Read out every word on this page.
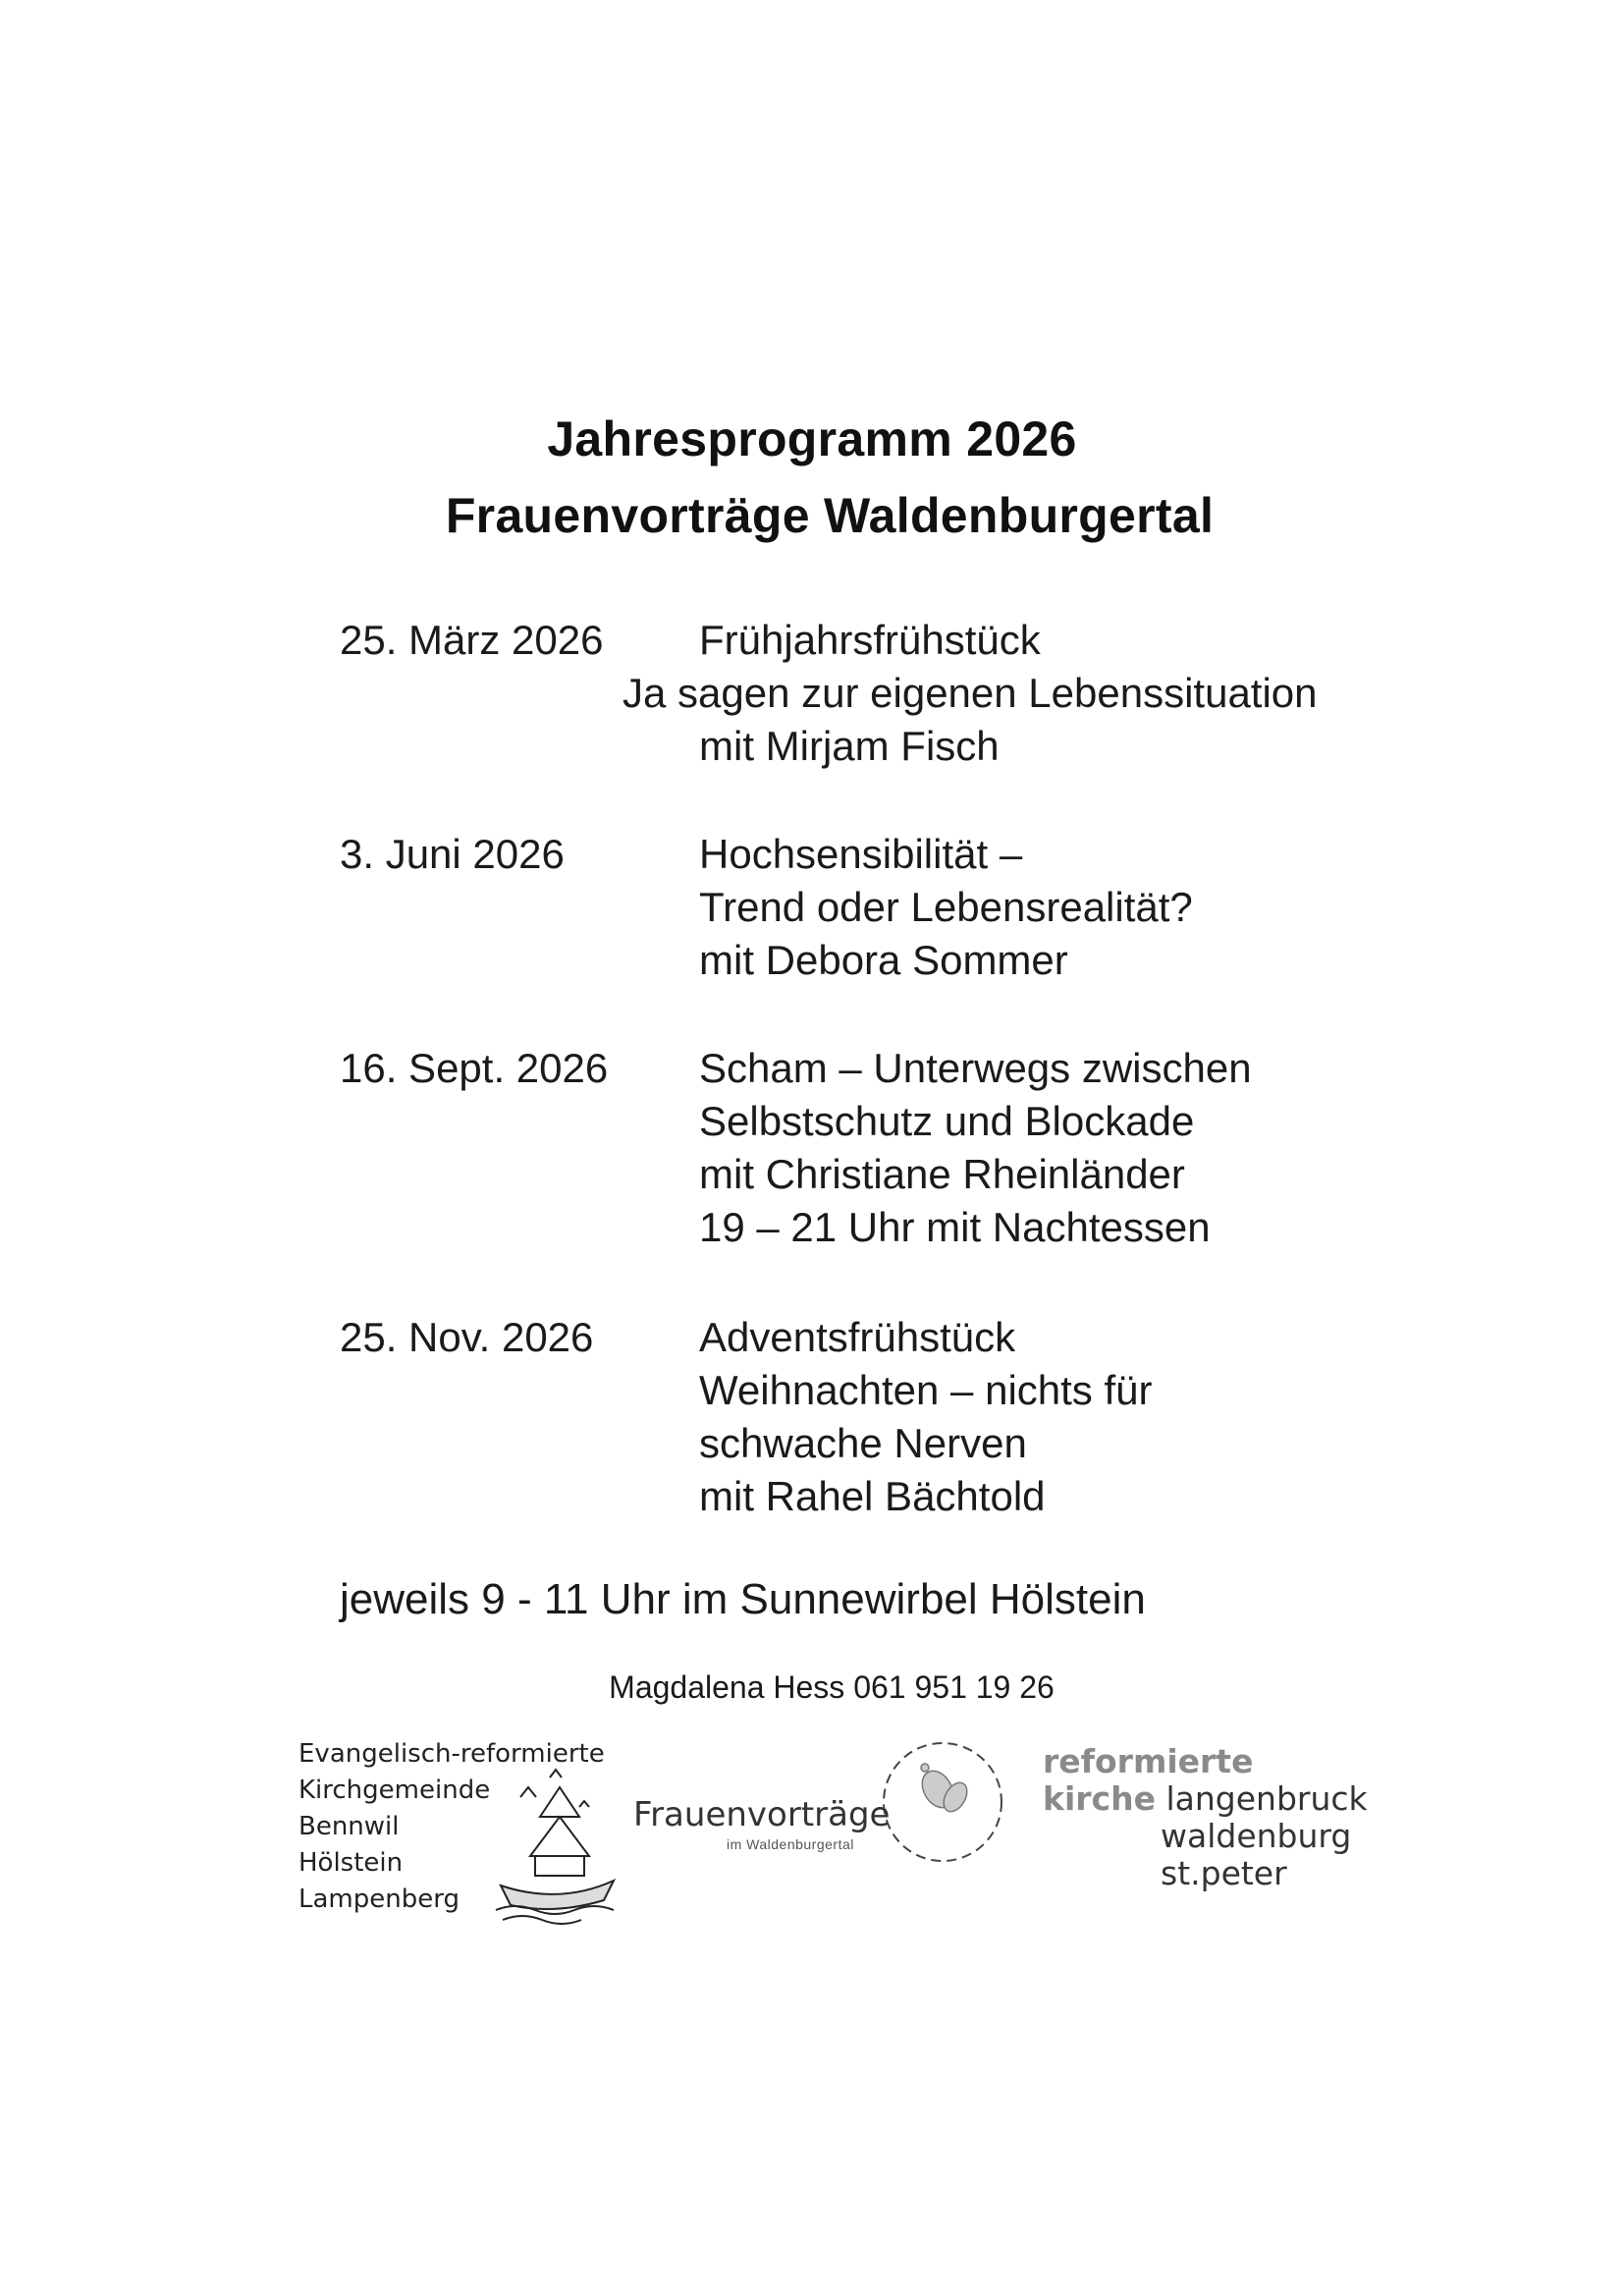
Jahresprogramm 2026
Frauenvorträge Waldenburgertal
25. März 2026 Frühjahrsfrühstück
Ja sagen zur eigenen Lebenssituation
mit Mirjam Fisch
3. Juni 2026	Hochsensibilität –
Trend oder Lebensrealität?
mit Debora Sommer
16. Sept. 2026 Scham – Unterwegs zwischen
Selbstschutz und Blockade
mit Christiane Rheinländer
19 – 21 Uhr mit Nachtessen
25. Nov. 2026	Adventsfrühstück
Weihnachten – nichts für
schwache Nerven
mit Rahel Bächtold
jeweils 9 - 11 Uhr im Sunnewirbel Hölstein
Magdalena Hess 061 951 19 26
Evangelisch-reformierte
Kirchgemeinde
Bennwil
Hölstein
Lampenberg
Frauenvorträge
im Waldenburgertal
reformierte
kirche langenbruck
waldenburg
st.peter
